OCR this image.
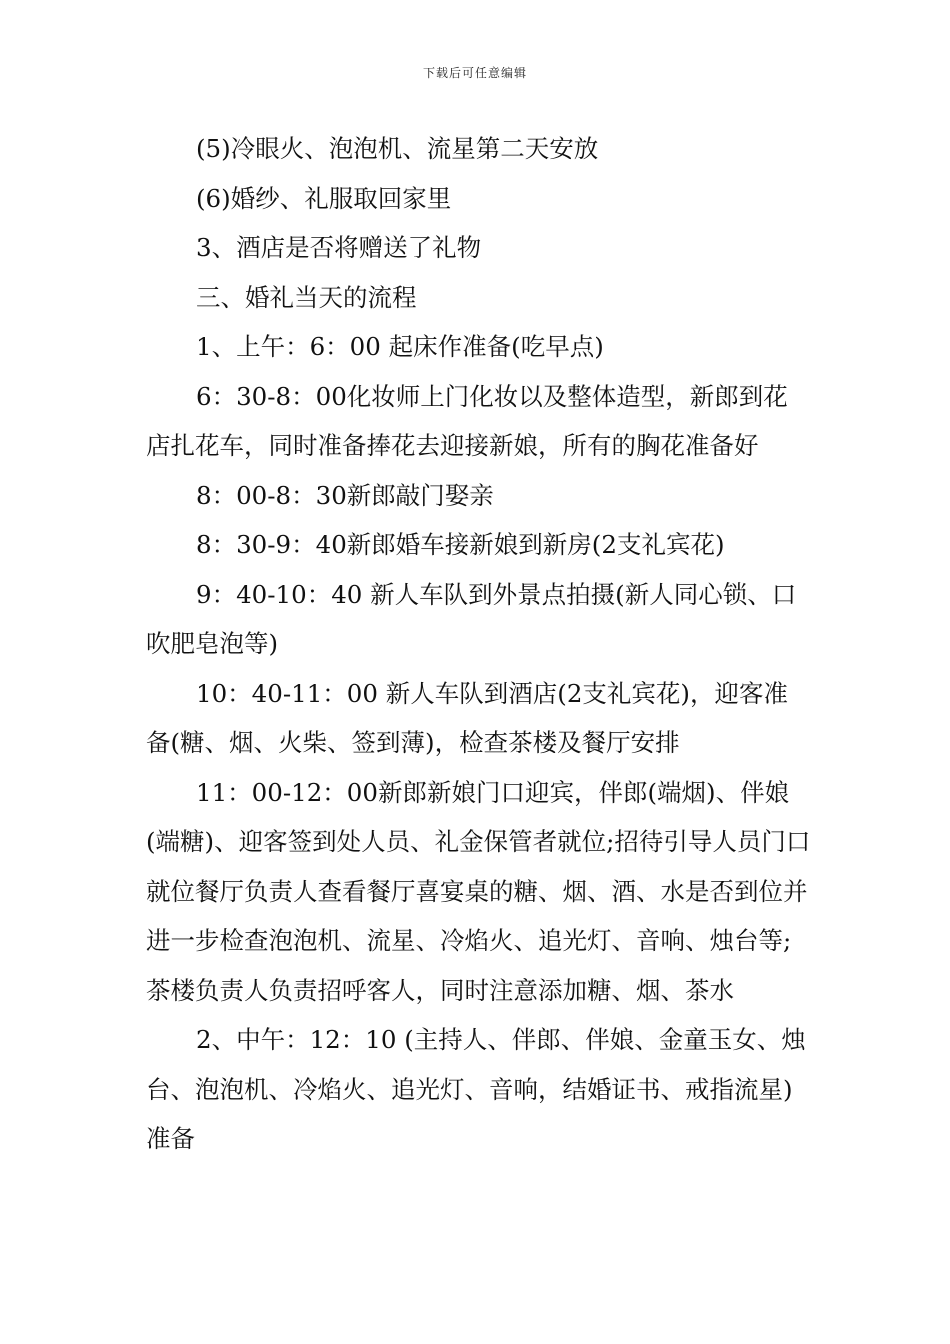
下载后可任意编辑

(5)冷眼火、泡泡机、流星第二天安放

(6)婚纱、礼服取回家里

3、酒店是否将赠送了礼物

三、婚礼当天的流程

1、上午：6：00 起床作准备(吃早点)

6：30-8：00化妆师上门化妆以及整体造型，新郎到花店扎花车，同时准备捧花去迎接新娘，所有的胸花准备好

8：00-8：30新郎敲门娶亲

8：30-9：40新郎婚车接新娘到新房(2支礼宾花)

9：40-10：40 新人车队到外景点拍摄(新人同心锁、口吹肥皂泡等)

10：40-11：00 新人车队到酒店(2支礼宾花)，迎客准备(糖、烟、火柴、签到薄)，检查茶楼及餐厅安排

11：00-12：00新郎新娘门口迎宾，伴郎(端烟)、伴娘(端糖)、迎客签到处人员、礼金保管者就位;招待引导人员门口就位餐厅负责人查看餐厅喜宴桌的糖、烟、酒、水是否到位并进一步检查泡泡机、流星、冷焰火、追光灯、音响、烛台等;茶楼负责人负责招呼客人，同时注意添加糖、烟、茶水

2、中午：12：10 (主持人、伴郎、伴娘、金童玉女、烛台、泡泡机、冷焰火、追光灯、音响，结婚证书、戒指流星)准备
